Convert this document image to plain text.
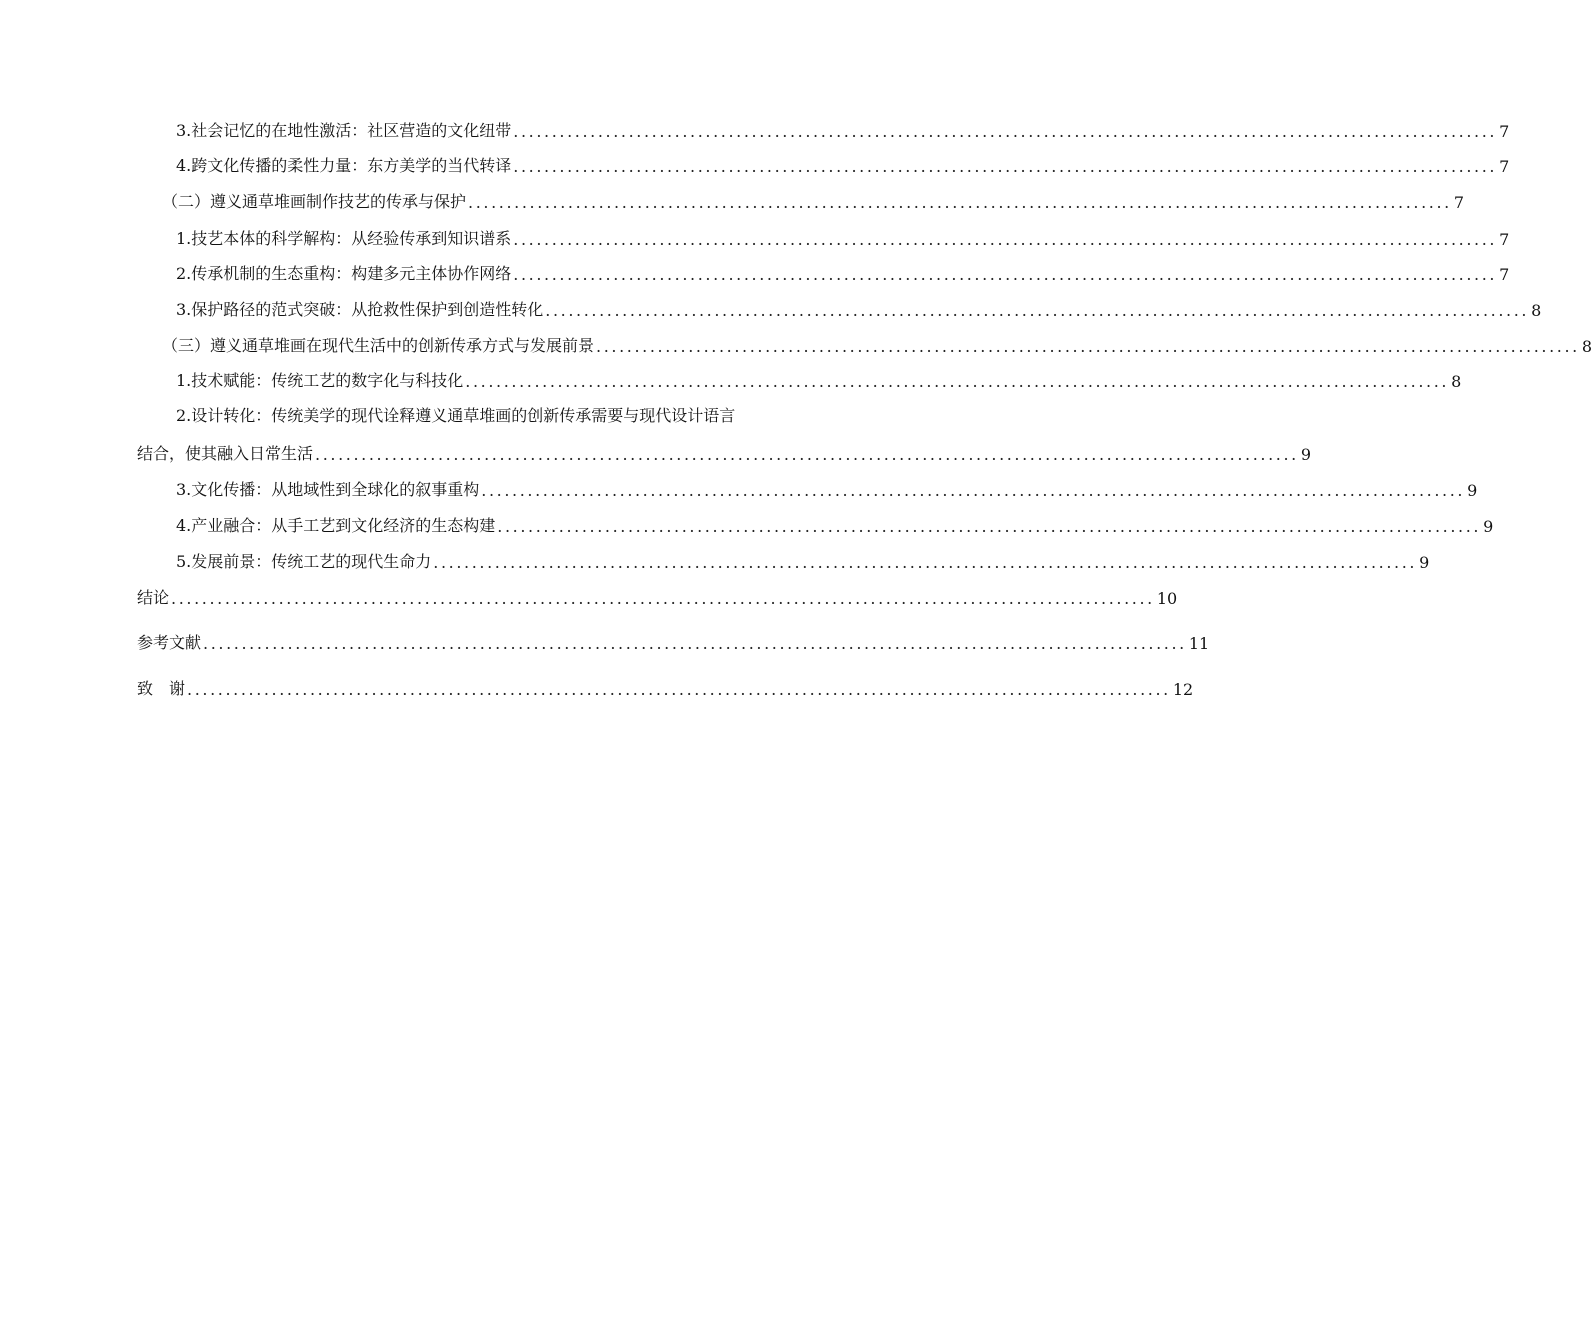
3.社会记忆的在地性激活：社区营造的文化纽带 ................................................................................................................................ 7
4.跨文化传播的柔性力量：东方美学的当代转译 ................................................................................................................................ 7
（二）遵义通草堆画制作技艺的传承与保护 ................................................................................................................................ 7
1.技艺本体的科学解构：从经验传承到知识谱系 ................................................................................................................................ 7
2.传承机制的生态重构：构建多元主体协作网络 ................................................................................................................................ 7
3.保护路径的范式突破：从抢救性保护到创造性转化 ................................................................................................................................ 8
（三）遵义通草堆画在现代生活中的创新传承方式与发展前景 ................................................................................................................................ 8
1.技术赋能：传统工艺的数字化与科技化 ................................................................................................................................ 8
2.设计转化：传统美学的现代诠释遵义通草堆画的创新传承需要与现代设计语言
结合，使其融入日常生活 ................................................................................................................................ 9
3.文化传播：从地域性到全球化的叙事重构 ................................................................................................................................ 9
4.产业融合：从手工艺到文化经济的生态构建 ................................................................................................................................ 9
5.发展前景：传统工艺的现代生命力 ................................................................................................................................ 9
结论 ................................................................................................................................ 10
参考文献 ................................................................................................................................ 11
致　谢 ................................................................................................................................ 12
